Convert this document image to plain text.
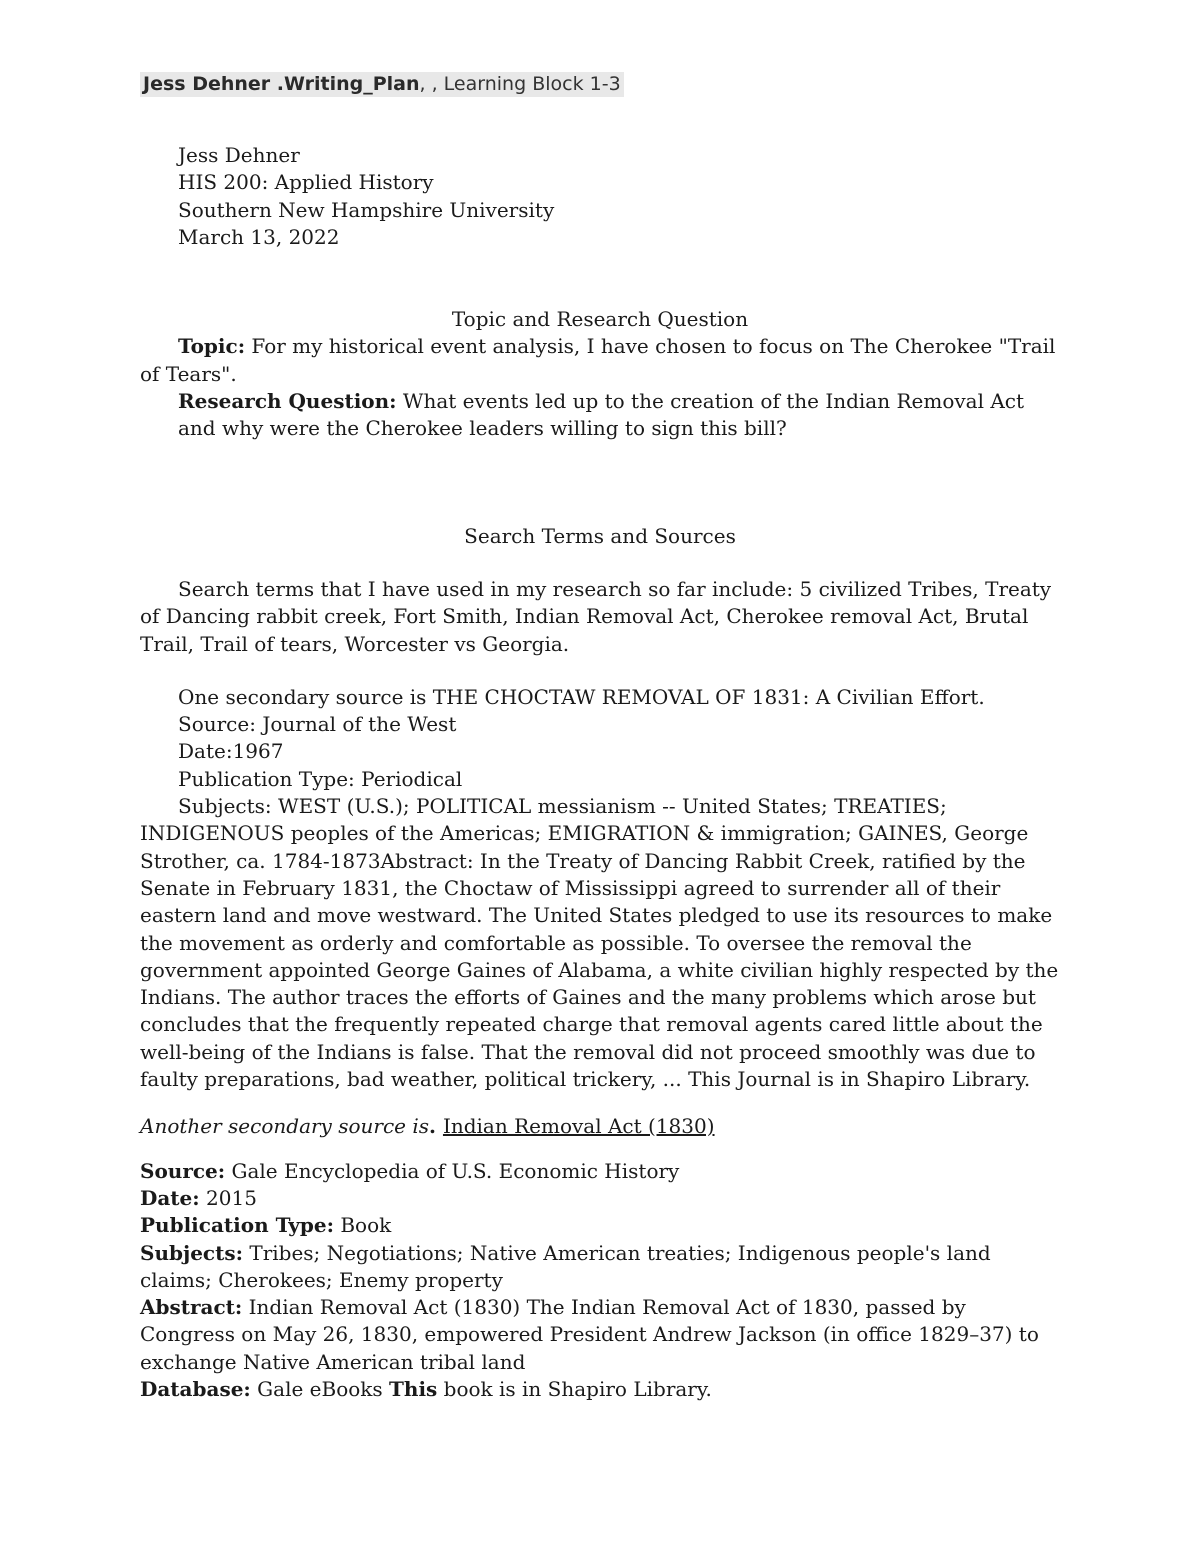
Jess Dehner .Writing_Plan, , Learning Block 1-3

Jess Dehner

HIS 200: Applied History

Southern New Hampshire University

March 13, 2022

Topic and Research Question

Topic: For my historical event analysis, I have chosen to focus on The Cherokee "Trail of Tears".

Research Question: What events led up to the creation of the Indian Removal Act and why were the Cherokee leaders willing to sign this bill?

Search Terms and Sources

Search terms that I have used in my research so far include: 5 civilized Tribes, Treaty of Dancing rabbit creek, Fort Smith, Indian Removal Act, Cherokee removal Act, Brutal Trail, Trail of tears, Worcester vs Georgia.

One secondary source is THE CHOCTAW REMOVAL OF 1831: A Civilian Effort.

Source: Journal of the West

Date:1967

Publication Type: Periodical

Subjects: WEST (U.S.); POLITICAL messianism -- United States; TREATIES; INDIGENOUS peoples of the Americas; EMIGRATION & immigration; GAINES, George Strother, ca. 1784-1873Abstract: In the Treaty of Dancing Rabbit Creek, ratified by the Senate in February 1831, the Choctaw of Mississippi agreed to surrender all of their eastern land and move westward. The United States pledged to use its resources to make the movement as orderly and comfortable as possible. To oversee the removal the government appointed George Gaines of Alabama, a white civilian highly respected by the Indians. The author traces the efforts of Gaines and the many problems which arose but concludes that the frequently repeated charge that removal agents cared little about the well-being of the Indians is false. That the removal did not proceed smoothly was due to faulty preparations, bad weather, political trickery, ... This Journal is in Shapiro Library.

Another secondary source is. Indian Removal Act (1830)

Source: Gale Encyclopedia of U.S. Economic History

Date: 2015

Publication Type: Book

Subjects: Tribes; Negotiations; Native American treaties; Indigenous people's land claims; Cherokees; Enemy property

Abstract: Indian Removal Act (1830) The Indian Removal Act of 1830, passed by Congress on May 26, 1830, empowered President Andrew Jackson (in office 1829–37) to exchange Native American tribal land

Database: Gale eBooks This book is in Shapiro Library.
